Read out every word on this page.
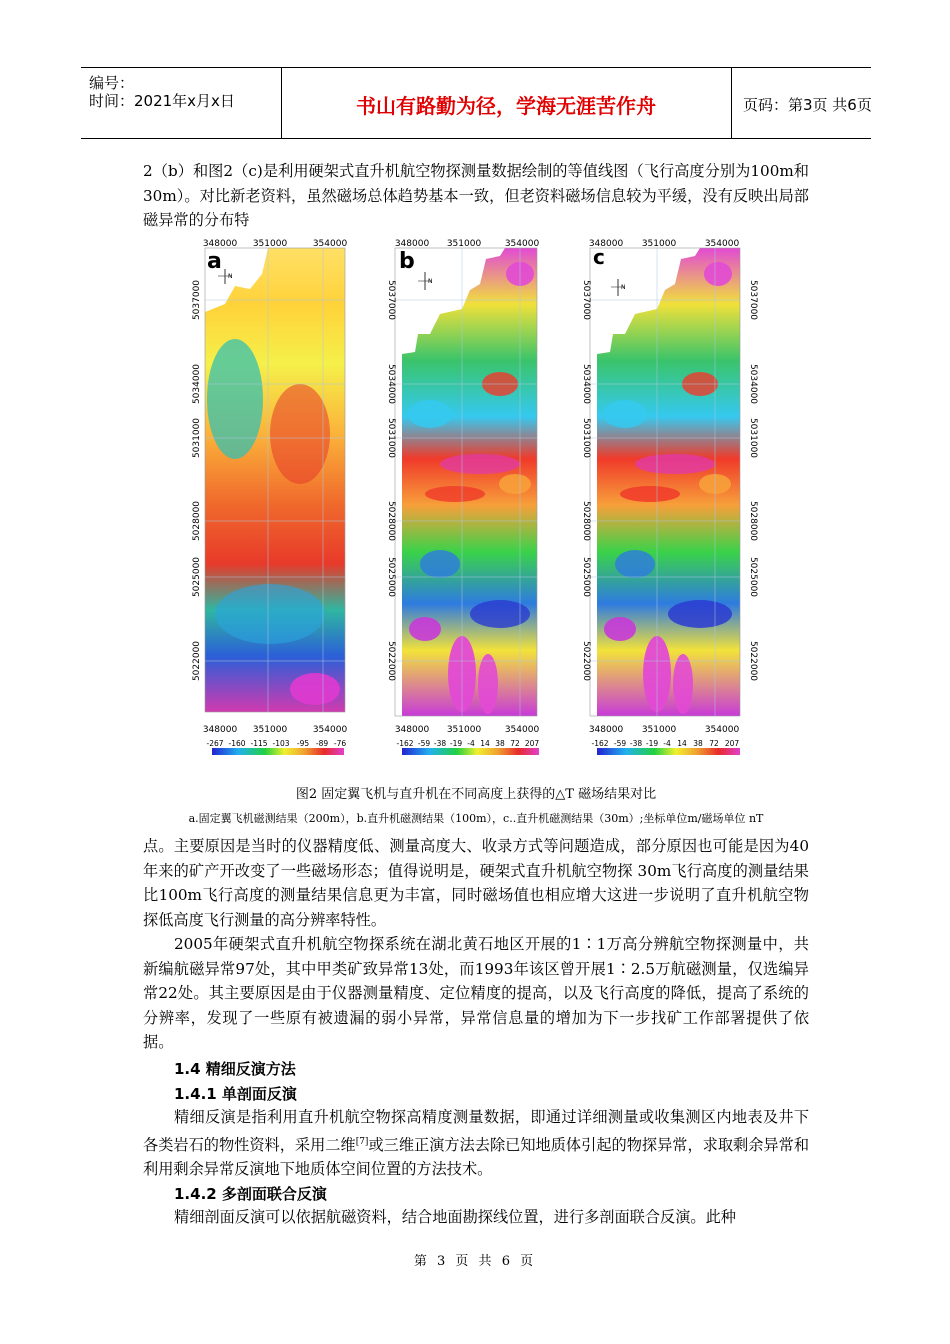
编号：
时间：2021年x月x日	书山有路勤为径，学海无涯苦作舟	页码：第3页 共6页
2（b）和图2（c)是利用硬架式直升机航空物探测量数据绘制的等值线图（飞行高度分别为100m和30m）。对比新老资料，虽然磁场总体趋势基本一致，但老资料磁场信息较为平缓，没有反映出局部磁异常的分布特
a
N
348000 351000	354000
348000 351000	354000
5037000
5034000
5031000
5028000
5025000
5022000
-267 -160 -115 -103 -95 -89 -76
b
N
348000 351000	354000
348000 351000	354000
5037000
5034000
5031000
5028000
5025000
5022000
-162 -59 -38 -19 -4 14 38 72 207
c
N
348000 351000	354000
348000 351000	354000
5037000
5034000
5031000
5028000
5025000
5022000
5037000
5034000
5031000
5028000
5025000
5022000
-162 -59 -38 -19 -4 14 38 72 207
图2 固定翼飞机与直升机在不同高度上获得的△T 磁场结果对比
a.固定翼飞机磁测结果（200m），b.直升机磁测结果（100m），c..直升机磁测结果（30m）;坐标单位m/磁场单位 nT
点。主要原因是当时的仪器精度低、测量高度大、收录方式等问题造成，部分原因也可能是因为40年来的矿产开改变了一些磁场形态；值得说明是，硬架式直升机航空物探 30m飞行高度的测量结果比100m飞行高度的测量结果信息更为丰富，同时磁场值也相应增大这进一步说明了直升机航空物探低高度飞行测量的高分辨率特性。
2005年硬架式直升机航空物探系统在湖北黄石地区开展的1∶1万高分辨航空物探测量中，共新编航磁异常97处，其中甲类矿致异常13处，而1993年该区曾开展1∶2.5万航磁测量，仅选编异常22处。其主要原因是由于仪器测量精度、定位精度的提高，以及飞行高度的降低，提高了系统的分辨率，发现了一些原有被遗漏的弱小异常，异常信息量的增加为下一步找矿工作部署提供了依据。
1.4 精细反演方法
1.4.1 单剖面反演
精细反演是指利用直升机航空物探高精度测量数据，即通过详细测量或收集测区内地表及井下各类岩石的物性资料，采用二维[7]或三维正演方法去除已知地质体引起的物探异常，求取剩余异常和利用剩余异常反演地下地质体空间位置的方法技术。
1.4.2 多剖面联合反演
精细剖面反演可以依据航磁资料，结合地面勘探线位置，进行多剖面联合反演。此种
第 3 页 共 6 页
